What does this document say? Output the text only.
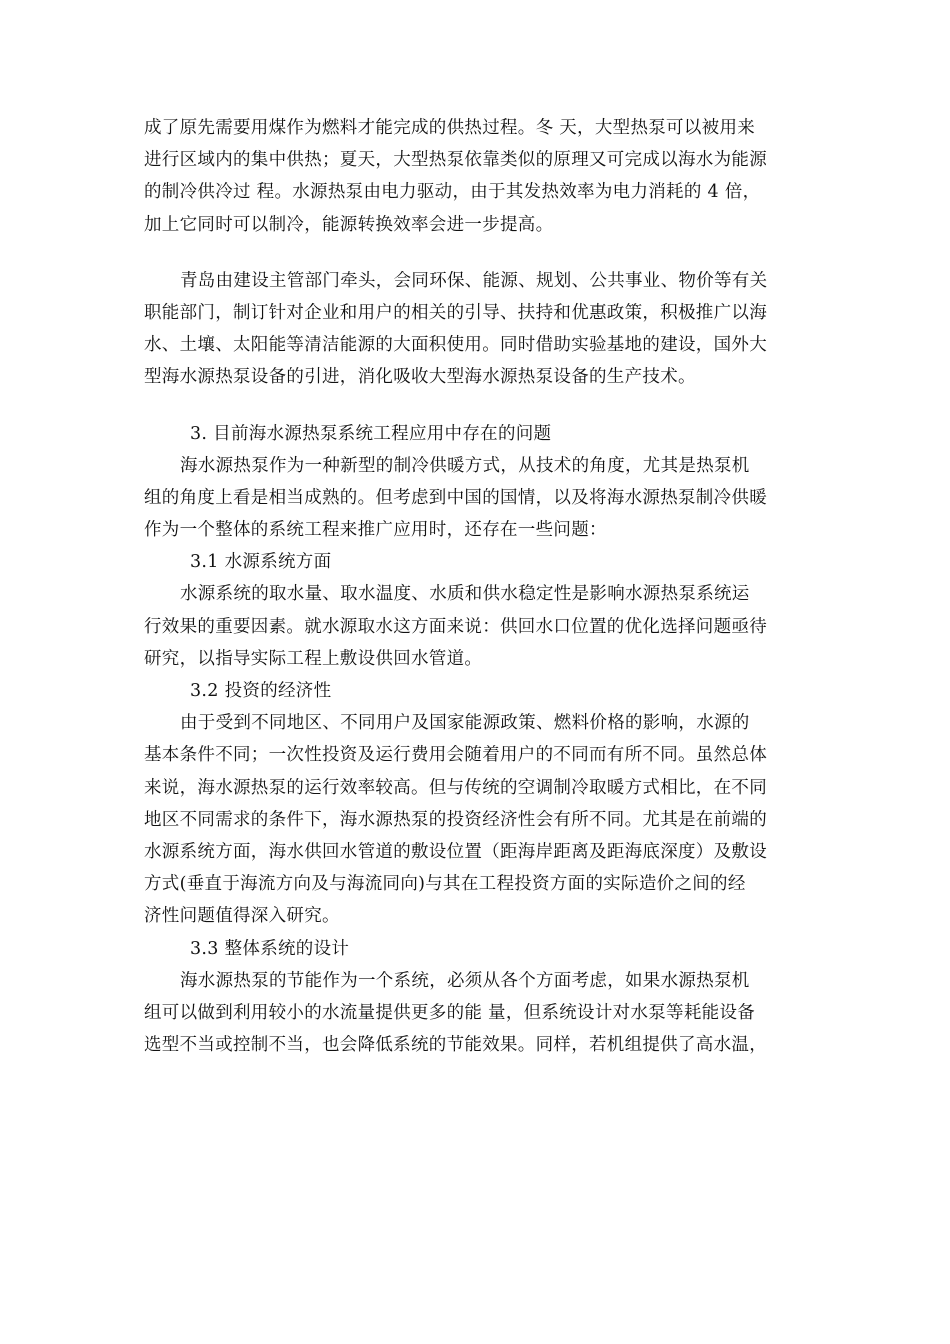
成了原先需要用煤作为燃料才能完成的供热过程。冬 天，大型热泵可以被用来
进行区域内的集中供热；夏天，大型热泵依靠类似的原理又可完成以海水为能源
的制冷供冷过 程。水源热泵由电力驱动，由于其发热效率为电力消耗的 4 倍，
加上它同时可以制冷，能源转换效率会进一步提高。
青岛由建设主管部门牵头，会同环保、能源、规划、公共事业、物价等有关
职能部门，制订针对企业和用户的相关的引导、扶持和优惠政策，积极推广以海
水、土壤、太阳能等清洁能源的大面积使用。同时借助实验基地的建设，国外大
型海水源热泵设备的引进，消化吸收大型海水源热泵设备的生产技术。
3. 目前海水源热泵系统工程应用中存在的问题
海水源热泵作为一种新型的制冷供暖方式，从技术的角度，尤其是热泵机
组的角度上看是相当成熟的。但考虑到中国的国情，以及将海水源热泵制冷供暖
作为一个整体的系统工程来推广应用时，还存在一些问题：
3.1 水源系统方面
水源系统的取水量、取水温度、水质和供水稳定性是影响水源热泵系统运
行效果的重要因素。就水源取水这方面来说：供回水口位置的优化选择问题亟待
研究，以指导实际工程上敷设供回水管道。
3.2 投资的经济性
由于受到不同地区、不同用户及国家能源政策、燃料价格的影响，水源的
基本条件不同；一次性投资及运行费用会随着用户的不同而有所不同。虽然总体
来说，海水源热泵的运行效率较高。但与传统的空调制冷取暖方式相比，在不同
地区不同需求的条件下，海水源热泵的投资经济性会有所不同。尤其是在前端的
水源系统方面，海水供回水管道的敷设位置（距海岸距离及距海底深度）及敷设
方式(垂直于海流方向及与海流同向)与其在工程投资方面的实际造价之间的经
济性问题值得深入研究。
3.3 整体系统的设计
海水源热泵的节能作为一个系统，必须从各个方面考虑，如果水源热泵机
组可以做到利用较小的水流量提供更多的能 量，但系统设计对水泵等耗能设备
选型不当或控制不当，也会降低系统的节能效果。同样，若机组提供了高水温，
